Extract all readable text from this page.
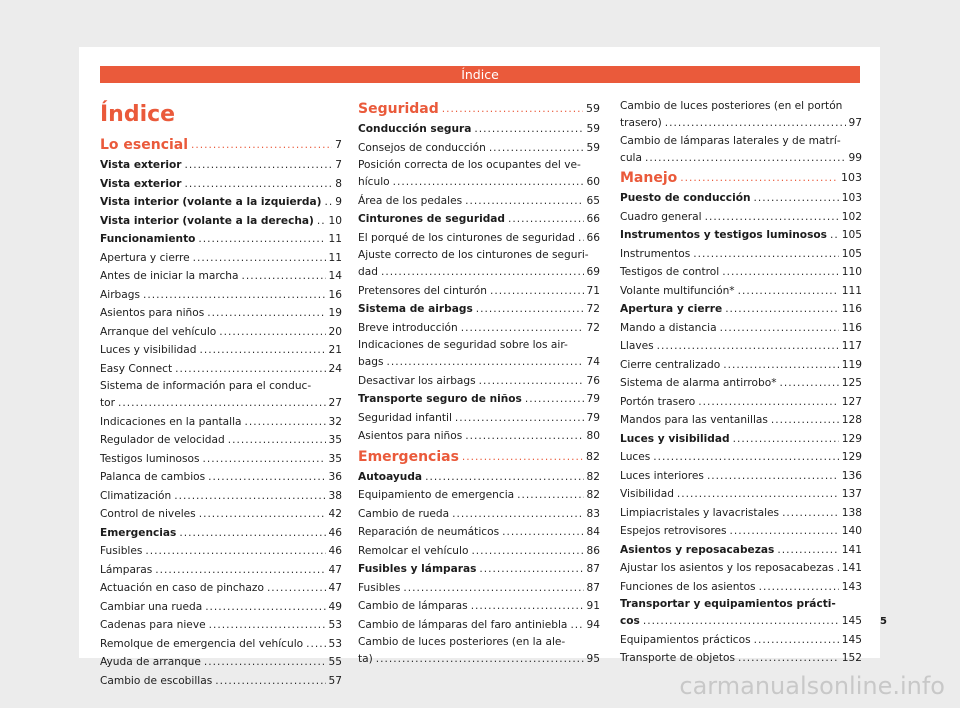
Índice
Índice
Lo esencial .....	7
Vista exterior .....	7
Vista exterior .....	8
Vista interior (volante a la izquierda) ..... 9
Vista interior (volante a la derecha) ..... 10
Funcionamiento .....	11
Apertura y cierre .....	11
Antes de iniciar la marcha .....	14
Airbags .....	16
Asientos para niños .....	19
Arranque del vehículo .....	20
Luces y visibilidad .....	21
Easy Connect .....	24
Sistema de información para el conduc-
tor .....	27
Indicaciones en la pantalla .....	32
Regulador de velocidad .....	35
Testigos luminosos .....	35
Palanca de cambios .....	36
Climatización .....	38
Control de niveles .....	42
Emergencias .....	46
Fusibles .....	46
Lámparas .....	47
Actuación en caso de pinchazo .....	47
Cambiar una rueda .....	49
Cadenas para nieve .....	53
Remolque de emergencia del vehículo ..... 53
Ayuda de arranque .....	55
Cambio de escobillas .....	57
Seguridad .....	59
Conducción segura .....	59
Consejos de conducción .....	59
Posición correcta de los ocupantes del ve-
hículo .....	60
Área de los pedales .....	65
Cinturones de seguridad .....	66
El porqué de los cinturones de seguridad ..... 66
Ajuste correcto de los cinturones de seguri-
dad .....	69
Pretensores del cinturón .....	71
Sistema de airbags .....	72
Breve introducción .....	72
Indicaciones de seguridad sobre los air-
bags .....	74
Desactivar los airbags .....	76
Transporte seguro de niños .....	79
Seguridad infantil .....	79
Asientos para niños .....	80
Emergencias .....	82
Autoayuda .....	82
Equipamiento de emergencia .....	82
Cambio de rueda .....	83
Reparación de neumáticos .....	84
Remolcar el vehículo .....	86
Fusibles y lámparas .....	87
Fusibles .....	87
Cambio de lámparas .....	91
Cambio de lámparas del faro antiniebla ..... 94
Cambio de luces posteriores (en la ale-
ta) .....	95
Cambio de luces posteriores (en el portón
trasero) .....	97
Cambio de lámparas laterales y de matrí-
cula .....	99
Manejo .....	103
Puesto de conducción .....	103
Cuadro general .....	102
Instrumentos y testigos luminosos ..... 105
Instrumentos .....	105
Testigos de control .....	110
Volante multifunción* .....	111
Apertura y cierre .....	116
Mando a distancia .....	116
Llaves .....	117
Cierre centralizado .....	119
Sistema de alarma antirrobo* .....	125
Portón trasero .....	127
Mandos para las ventanillas .....	128
Luces y visibilidad .....	129
Luces .....	129
Luces interiores .....	136
Visibilidad .....	137
Limpiacristales y lavacristales .....	138
Espejos retrovisores .....	140
Asientos y reposacabezas .....	141
Ajustar los asientos y los reposacabezas ..... 141
Funciones de los asientos .....	143
Transportar y equipamientos prácti-
cos .....	145
Equipamientos prácticos .....	145
Transporte de objetos .....	152
5
carmanualsonline.info
